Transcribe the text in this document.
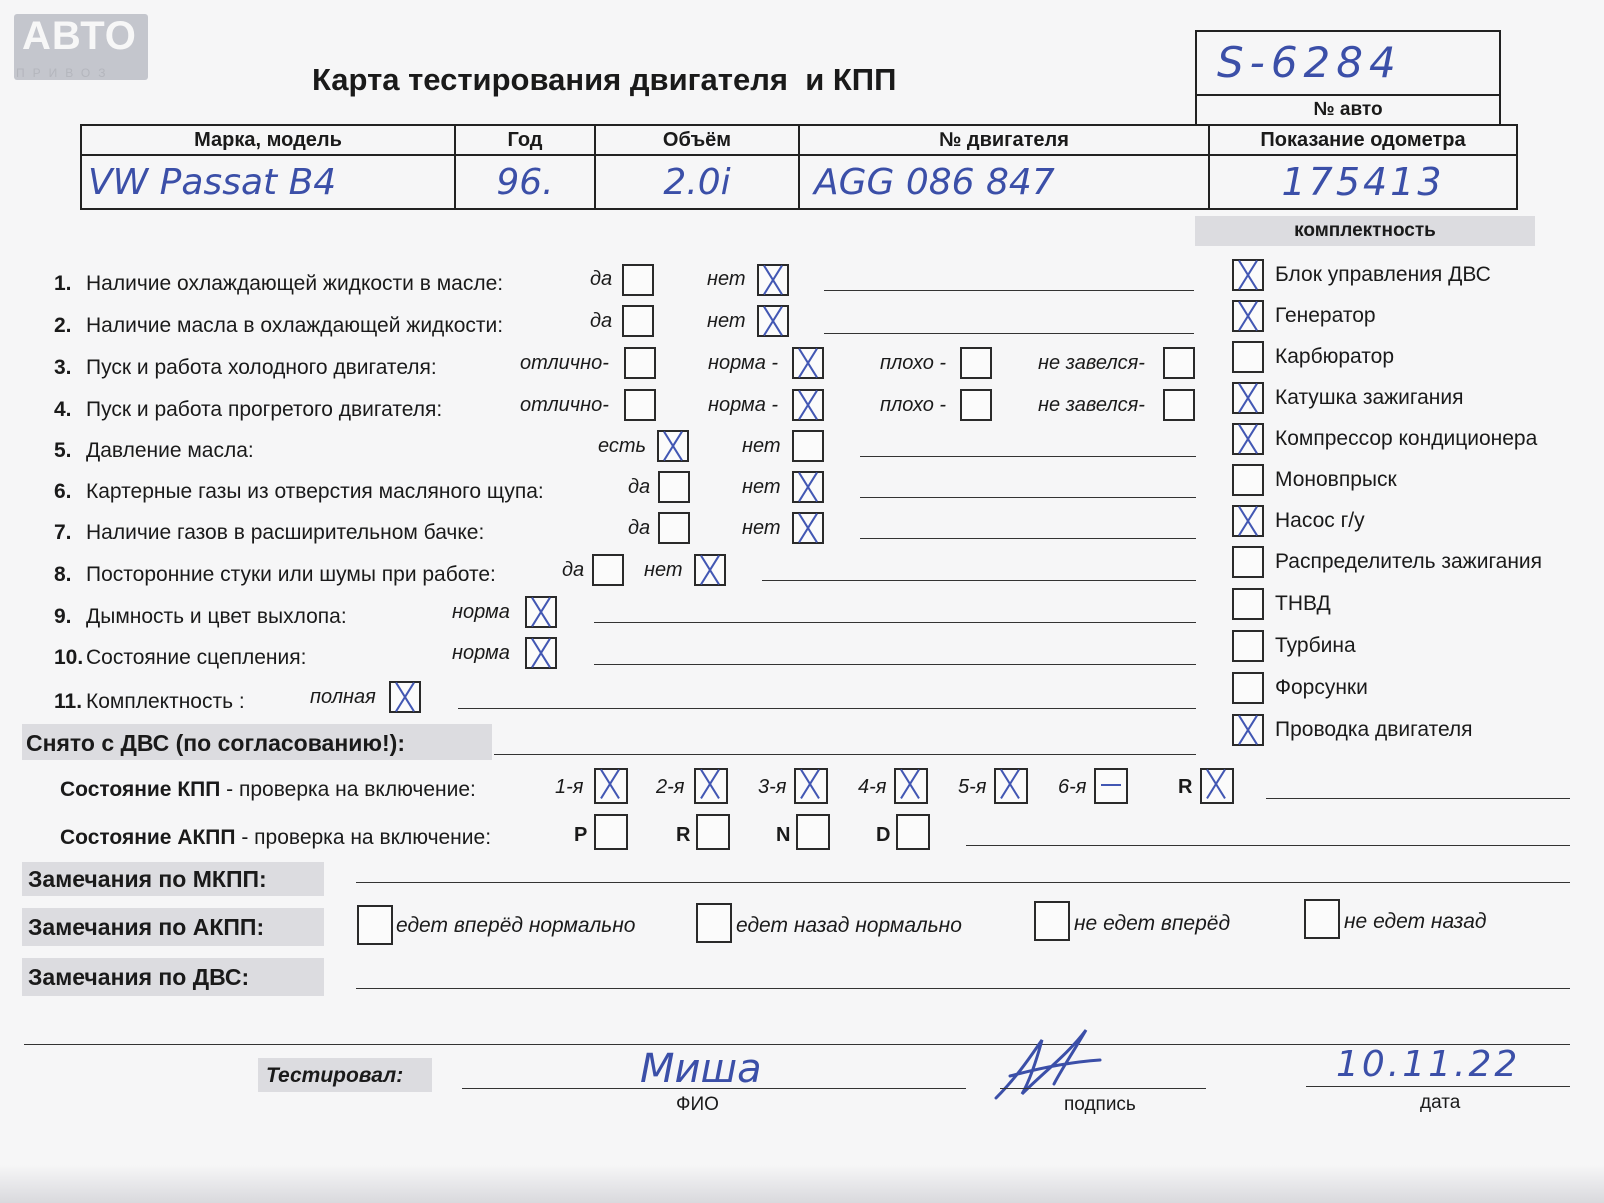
АВТО
ПРИВОЗ	Карта тестирования двигателя  и КПП	S-6284
№ авто
Марка, модель	Год	Объём	№ двигателя	Показание одометра
VW Passat B4	96.	2.0i	AGG 086 847	175413
комплектность
Блок управления ДВС
Генератор
Карбюратор
Катушка зажигания
Компрессор кондиционера
Моновпрыск
Насос г/у
Распределитель зажигания
ТНВД
Турбина
Форсунки
Проводка двигателя
1. Наличие охлаждающей жидкости в масле:	да	нет
2. Наличие масла в охлаждающей жидкости:	да	нет
3. Пуск и работа холодного двигателя:	отлично-	норма -	плохо -	не завелся-
4. Пуск и работа прогретого двигателя:	отлично-	норма -	плохо -	не завелся-
5. Давление масла:	есть	нет
6. Картерные газы из отверстия масляного щупа:	да	нет
7. Наличие газов в расширительном бачке:	да	нет
8. Посторонние стуки или шумы при работе:	да	нет
9. Дымность и цвет выхлопа:	норма
10. Состояние сцепления:	норма
11. Комплектность :	полная
Снято с ДВС (по согласованию!):
Состояние КПП - проверка на включение:	1-я	2-я	3-я	4-я	5-я	6-я	R
Состояние АКПП - проверка на включение:	P	R	N	D
Замечания по МКПП:
Замечания по АКПП:	едет вперёд нормально	едет назад нормально	не едет вперёд	не едет назад
Замечания по ДВС:
Тестировал:	Миша
ФИО	подпись
10.11.22
дата
